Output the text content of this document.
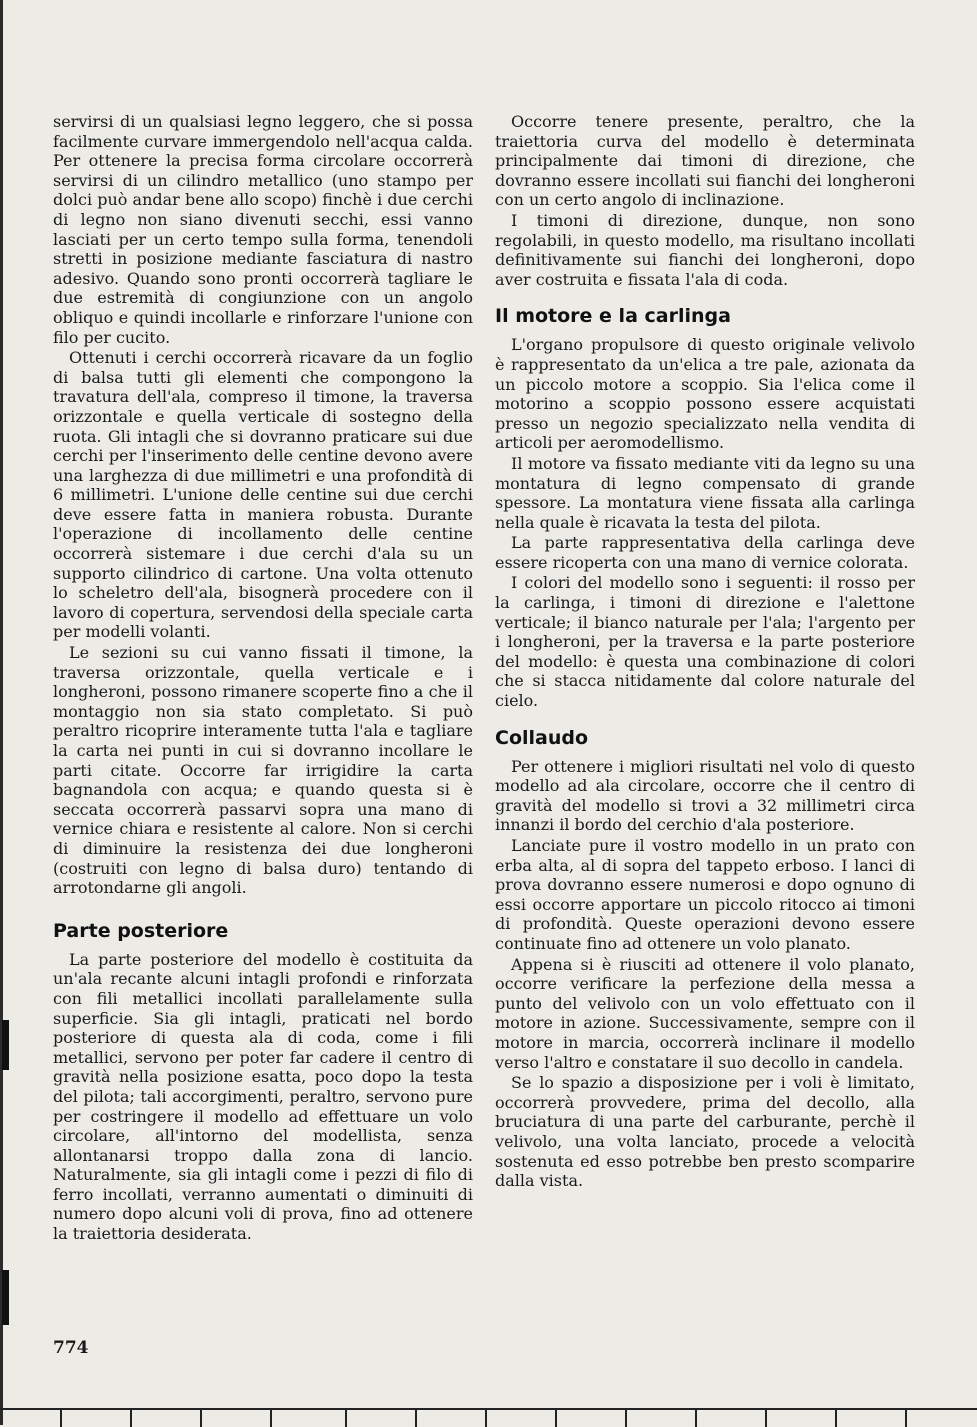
servirsi di un qualsiasi legno leggero, che si possa facilmente curvare immergendolo nell'acqua calda. Per ottenere la precisa forma circolare occorrerà servirsi di un cilindro metallico (uno stampo per dolci può andar bene allo scopo) finchè i due cerchi di legno non siano divenuti secchi, essi vanno lasciati per un certo tempo sulla forma, tenendoli stretti in posizione mediante fasciatura di nastro adesivo. Quando sono pronti occorrerà tagliare le due estremità di congiunzione con un angolo obliquo e quindi incollarle e rinforzare l'unione con filo per cucito.

Ottenuti i cerchi occorrerà ricavare da un foglio di balsa tutti gli elementi che compongono la travatura dell'ala, compreso il timone, la traversa orizzontale e quella verticale di sostegno della ruota. Gli intagli che si dovranno praticare sui due cerchi per l'inserimento delle centine devono avere una larghezza di due millimetri e una profondità di 6 millimetri. L'unione delle centine sui due cerchi deve essere fatta in maniera robusta. Durante l'operazione di incollamento delle centine occorrerà sistemare i due cerchi d'ala su un supporto cilindrico di cartone. Una volta ottenuto lo scheletro dell'ala, bisognerà procedere con il lavoro di copertura, servendosi della speciale carta per modelli volanti.

Le sezioni su cui vanno fissati il timone, la traversa orizzontale, quella verticale e i longheroni, possono rimanere scoperte fino a che il montaggio non sia stato completato. Si può peraltro ricoprire interamente tutta l'ala e tagliare la carta nei punti in cui si dovranno incollare le parti citate. Occorre far irrigidire la carta bagnandola con acqua; e quando questa si è seccata occorrerà passarvi sopra una mano di vernice chiara e resistente al calore. Non si cerchi di diminuire la resistenza dei due longheroni (costruiti con legno di balsa duro) tentando di arrotondarne gli angoli.

Parte posteriore

La parte posteriore del modello è costituita da un'ala recante alcuni intagli profondi e rinforzata con fili metallici incollati parallelamente sulla superficie. Sia gli intagli, praticati nel bordo posteriore di questa ala di coda, come i fili metallici, servono per poter far cadere il centro di gravità nella posizione esatta, poco dopo la testa del pilota; tali accorgimenti, peraltro, servono pure per costringere il modello ad effettuare un volo circolare, all'intorno del modellista, senza allontanarsi troppo dalla zona di lancio. Naturalmente, sia gli intagli come i pezzi di filo di ferro incollati, verranno aumentati o diminuiti di numero dopo alcuni voli di prova, fino ad ottenere la traiettoria desiderata.

Occorre tenere presente, peraltro, che la traiettoria curva del modello è determinata principalmente dai timoni di direzione, che dovranno essere incollati sui fianchi dei longheroni con un certo angolo di inclinazione.

I timoni di direzione, dunque, non sono regolabili, in questo modello, ma risultano incollati definitivamente sui fianchi dei longheroni, dopo aver costruita e fissata l'ala di coda.

Il motore e la carlinga

L'organo propulsore di questo originale velivolo è rappresentato da un'elica a tre pale, azionata da un piccolo motore a scoppio. Sia l'elica come il motorino a scoppio possono essere acquistati presso un negozio specializzato nella vendita di articoli per aeromodellismo.

Il motore va fissato mediante viti da legno su una montatura di legno compensato di grande spessore. La montatura viene fissata alla carlinga nella quale è ricavata la testa del pilota.

La parte rappresentativa della carlinga deve essere ricoperta con una mano di vernice colorata.

I colori del modello sono i seguenti: il rosso per la carlinga, i timoni di direzione e l'alettone verticale; il bianco naturale per l'ala; l'argento per i longheroni, per la traversa e la parte posteriore del modello: è questa una combinazione di colori che si stacca nitidamente dal colore naturale del cielo.

Collaudo

Per ottenere i migliori risultati nel volo di questo modello ad ala circolare, occorre che il centro di gravità del modello si trovi a 32 millimetri circa innanzi il bordo del cerchio d'ala posteriore.

Lanciate pure il vostro modello in un prato con erba alta, al di sopra del tappeto erboso. I lanci di prova dovranno essere numerosi e dopo ognuno di essi occorre apportare un piccolo ritocco ai timoni di profondità. Queste operazioni devono essere continuate fino ad ottenere un volo planato.

Appena si è riusciti ad ottenere il volo planato, occorre verificare la perfezione della messa a punto del velivolo con un volo effettuato con il motore in azione. Successivamente, sempre con il motore in marcia, occorrerà inclinare il modello verso l'altro e constatare il suo decollo in candela.

Se lo spazio a disposizione per i voli è limitato, occorrerà provvedere, prima del decollo, alla bruciatura di una parte del carburante, perchè il velivolo, una volta lanciato, procede a velocità sostenuta ed esso potrebbe ben presto scomparire dalla vista.

774
